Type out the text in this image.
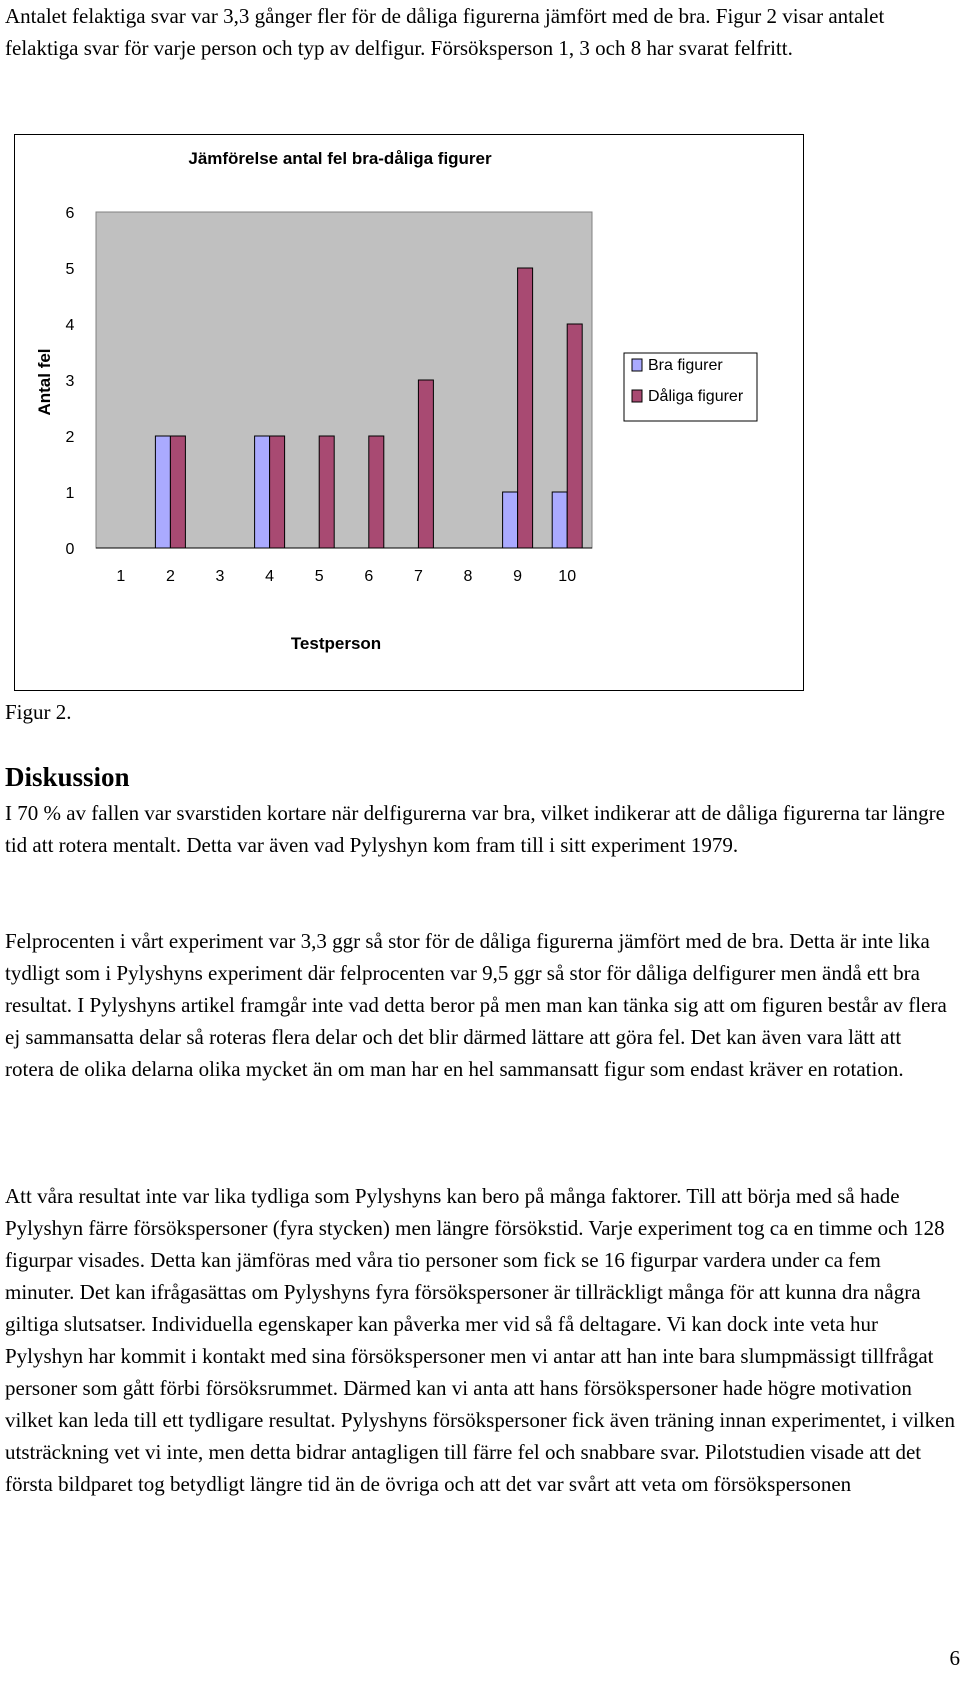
Antalet felaktiga svar var 3,3 gånger fler för de dåliga figurerna jämfört med de bra. Figur 2 visar antalet felaktiga svar för varje person och typ av delfigur. Försöksperson 1, 3 och 8 har svarat felfritt.

Jämförelse antal fel bra-dåliga figurer
0
1
2
3
4
5
6
1	2	3	4	5	6	7	8	9 10
Testperson
Antal fel	Bra figurer
Dåliga figurer

Figur 2.

Diskussion

I 70 % av fallen var svarstiden kortare när delfigurerna var bra, vilket indikerar att de dåliga figurerna tar längre tid att rotera mentalt. Detta var även vad Pylyshyn kom fram till i sitt experiment 1979.

Felprocenten i vårt experiment var 3,3 ggr så stor för de dåliga figurerna jämfört med de bra. Detta är inte lika tydligt som i Pylyshyns experiment där felprocenten var 9,5 ggr så stor för dåliga delfigurer men ändå ett bra resultat. I Pylyshyns artikel framgår inte vad detta beror på men man kan tänka sig att om figuren består av flera ej sammansatta delar så roteras flera delar och det blir därmed lättare att göra fel. Det kan även vara lätt att rotera de olika delarna olika mycket än om man har en hel sammansatt figur som endast kräver en rotation.

Att våra resultat inte var lika tydliga som Pylyshyns kan bero på många faktorer. Till att börja med så hade Pylyshyn färre försökspersoner (fyra stycken) men längre försökstid. Varje experiment tog ca en timme och 128 figurpar visades. Detta kan jämföras med våra tio personer som fick se 16 figurpar vardera under ca fem minuter. Det kan ifrågasättas om Pylyshyns fyra försökspersoner är tillräckligt många för att kunna dra några giltiga slutsatser. Individuella egenskaper kan påverka mer vid så få deltagare. Vi kan dock inte veta hur Pylyshyn har kommit i kontakt med sina försökspersoner men vi antar att han inte bara slumpmässigt tillfrågat personer som gått förbi försöksrummet. Därmed kan vi anta att hans försökspersoner hade högre motivation vilket kan leda till ett tydligare resultat. Pylyshyns försökspersoner fick även träning innan experimentet, i vilken utsträckning vet vi inte, men detta bidrar antagligen till färre fel och snabbare svar. Pilotstudien visade att det första bildparet tog betydligt längre tid än de övriga och att det var svårt att veta om försökspersonen

6
